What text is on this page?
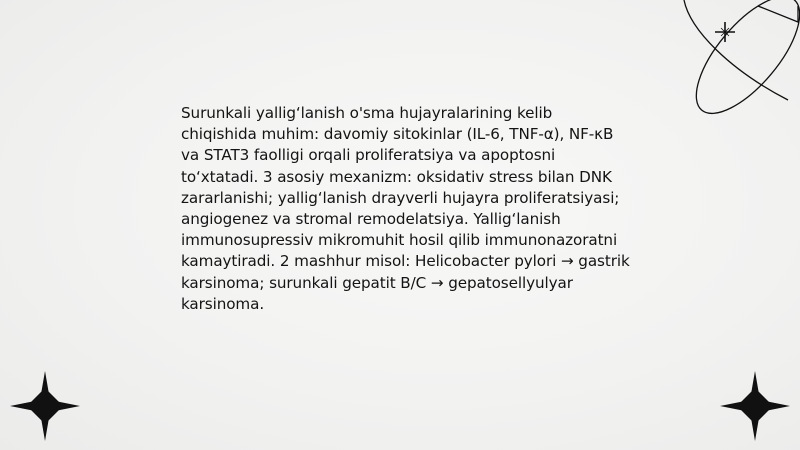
Surunkali yallig‘lanish o'sma hujayralarining kelib chiqishida muhim: davomiy sitokinlar (IL-6, TNF-α), NF-κB va STAT3 faolligi orqali proliferatsiya va apoptosni to‘xtatadi. 3 asosiy mexanizm: oksidativ stress bilan DNK zararlanishi; yallig‘lanish drayverli hujayra proliferatsiyasi; angiogenez va stromal remodelatsiya. Yallig‘lanish immunosupressiv mikromuhit hosil qilib immunonazoratni kamaytiradi. 2 mashhur misol: Helicobacter pylori → gastrik karsinoma; surunkali gepatit B/C → gepatosellyulyar karsinoma.
